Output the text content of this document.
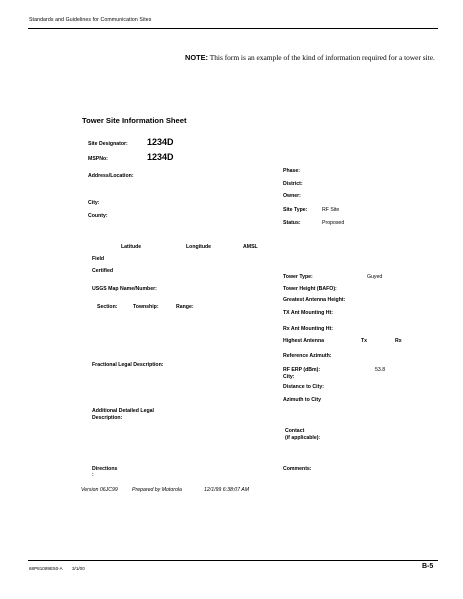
Standards and Guidelines for Communication Sites
NOTE: This form is an example of the kind of information required for a tower site.
Tower Site Information Sheet
Site Designator: 1234D
MSPNo:	1234D
Address/Location:
City:
County:
Phase:
District:
Owner:
Site Type:	RF Site
Status:	Proposed
Latitude	Longitude	AMSL
Field
Certified
Tower Type:	Guyed
USGS Map Name/Number:	Tower Height (BAFO):
Greatest Antenna Height:
Section:	Township:	Range:
TX Ant Mounting Ht:
Rx Ant Mounting Ht:
Highest Antenna	Tx	Rx
Reference Azimuth:
Fractional Legal Description:
RF ERP (dBm):	53.8
City:
Distance to City:
Azimuth to City
Additional Detailed Legal
Description:
Contact
(if applicable):
Directions
:
Comments:
Version 06JC99	Prepared by Motorola	12/1/99 6:38:07 AM
68P81089E50-A 3/1/00	B-5
